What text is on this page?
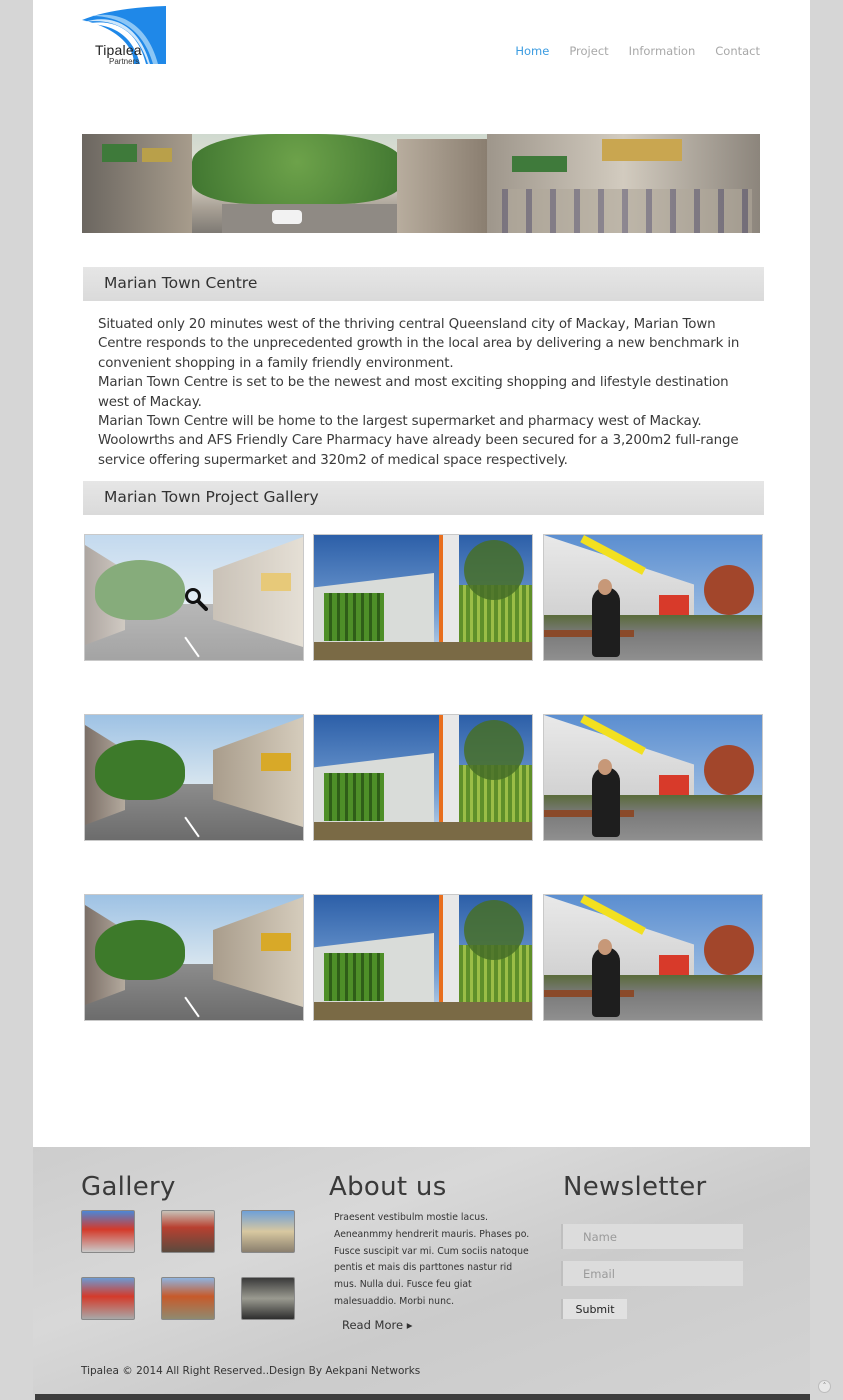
Tipalea
Partners
Home Project Information Contact
Marian Town Centre

Situated only 20 minutes west of the thriving central Queensland city of Mackay, Marian Town Centre responds to the unprecedented growth in the local area by delivering a new benchmark in convenient shopping in a family friendly environment.

Marian Town Centre is set to be the newest and most exciting shopping and lifestyle destination west of Mackay.

Marian Town Centre will be home to the largest supermarket and pharmacy west of Mackay. Woolowrths and AFS Friendly Care Pharmacy have already been secured for a 3,200m2 full-range service offering supermarket and 320m2 of medical space respectively.

Marian Town Project Gallery
Gallery	About us
Praesent vestibulm mostie lacus. Aeneanmmy hendrerit mauris. Phases po. Fusce suscipit var mi. Cum sociis natoque pentis et mais dis parttones nastur rid mus. Nulla dui. Fusce feu giat malesuaddio. Morbi nunc.
Read More ▸
Newsletter
Name
Email
Submit
Tipalea © 2014 All Right Reserved..Design By Aekpani Networks
˄
